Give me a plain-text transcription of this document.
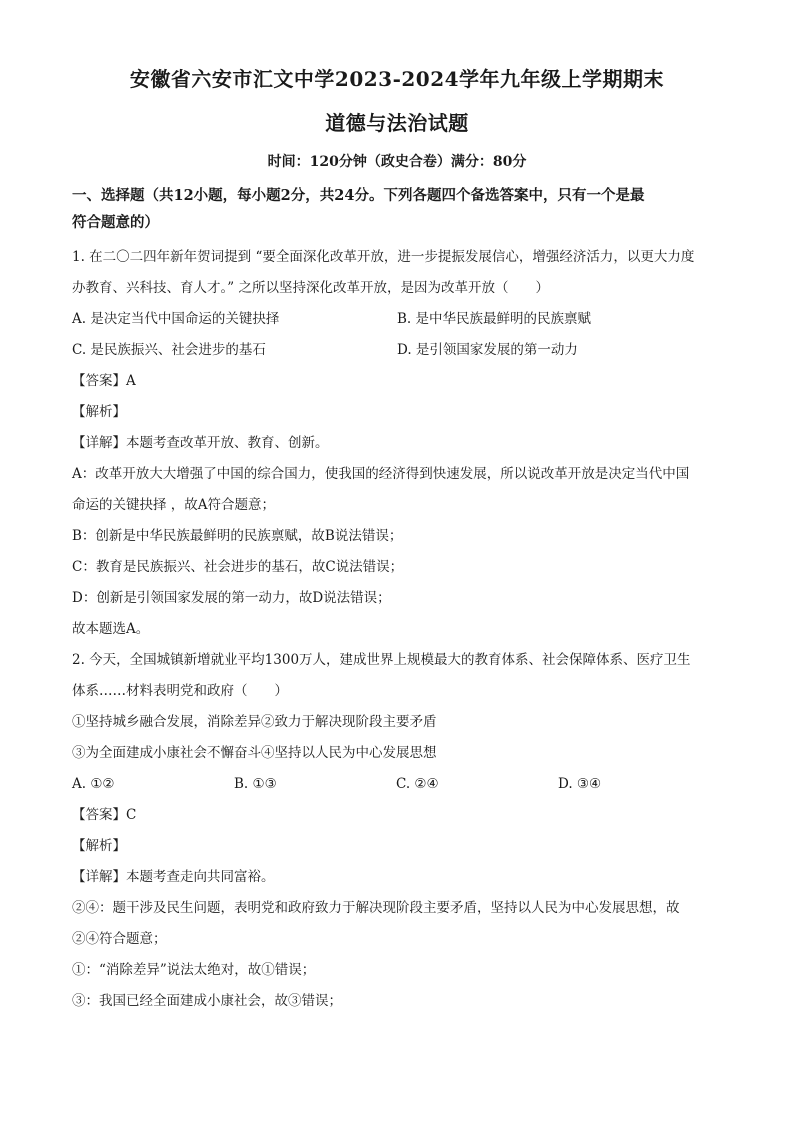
安徽省六安市汇文中学2023-2024学年九年级上学期期末
道德与法治试题
时间：120分钟（政史合卷）满分：80分
一、选择题（共12小题，每小题2分，共24分。下列各题四个备选答案中，只有一个是最
符合题意的）

1. 在二〇二四年新年贺词提到 “要全面深化改革开放，进一步提振发展信心，增强经济活力，以更大力度

办教育、兴科技、育人才。” 之所以坚持深化改革开放，是因为改革开放（　　）

A. 是决定当代中国命运的关键抉择	B. 是中华民族最鲜明的民族禀赋
C. 是民族振兴、社会进步的基石	D. 是引领国家发展的第一动力

【答案】A

【解析】

【详解】本题考查改革开放、教育、创新。

A：改革开放大大增强了中国的综合国力，使我国的经济得到快速发展，所以说改革开放是决定当代中国

命运的关键抉择 ，故A符合题意；

B：创新是中华民族最鲜明的民族禀赋，故B说法错误；

C：教育是民族振兴、社会进步的基石，故C说法错误；

D：创新是引领国家发展的第一动力，故D说法错误；

故本题选A。

2. 今天，全国城镇新增就业平均1300万人，建成世界上规模最大的教育体系、社会保障体系、医疗卫生

体系……材料表明党和政府（　　）

①坚持城乡融合发展，消除差异②致力于解决现阶段主要矛盾

③为全面建成小康社会不懈奋斗④坚持以人民为中心发展思想

A. ①②	B. ①③	C. ②④	D. ③④

【答案】C

【解析】

【详解】本题考查走向共同富裕。

②④：题干涉及民生问题，表明党和政府致力于解决现阶段主要矛盾，坚持以人民为中心发展思想，故

②④符合题意；

①：“消除差异”说法太绝对，故①错误；

③：我国已经全面建成小康社会，故③错误；
